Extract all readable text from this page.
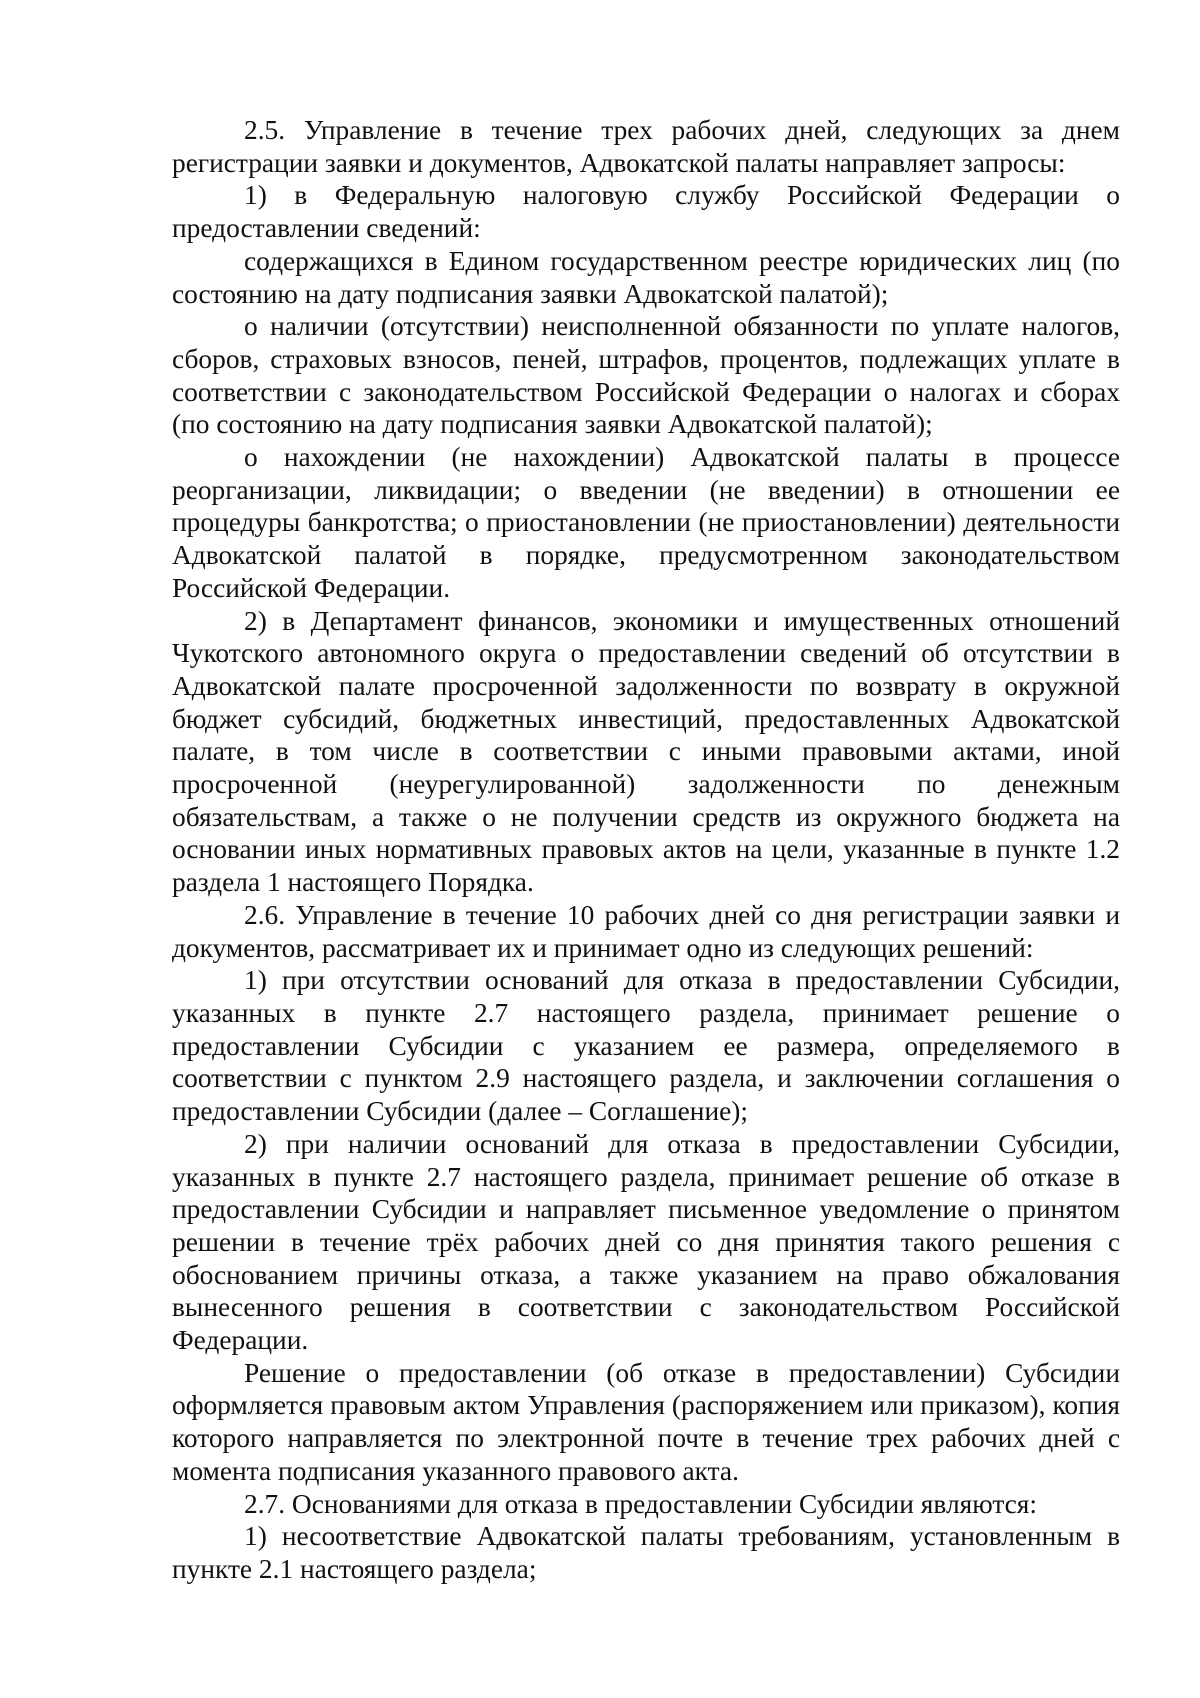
2.5. Управление в течение трех рабочих дней, следующих за днем регистрации заявки и документов, Адвокатской палаты направляет запросы:

1) в Федеральную налоговую службу Российской Федерации о предоставлении сведений:

содержащихся в Едином государственном реестре юридических лиц (по состоянию на дату подписания заявки Адвокатской палатой);

о наличии (отсутствии) неисполненной обязанности по уплате налогов, сборов, страховых взносов, пеней, штрафов, процентов, подлежащих уплате в соответствии с законодательством Российской Федерации о налогах и сборах (по состоянию на дату подписания заявки Адвокатской палатой);

о нахождении (не нахождении) Адвокатской палаты в процессе реорганизации, ликвидации; о введении (не введении) в отношении ее процедуры банкротства; о приостановлении (не приостановлении) деятельности Адвокатской палатой в порядке, предусмотренном законодательством Российской Федерации.

2) в Департамент финансов, экономики и имущественных отношений Чукотского автономного округа о предоставлении сведений об отсутствии в Адвокатской палате просроченной задолженности по возврату в окружной бюджет субсидий, бюджетных инвестиций, предоставленных Адвокатской палате, в том числе в соответствии с иными правовыми актами, иной просроченной (неурегулированной) задолженности по денежным обязательствам, а также о не получении средств из окружного бюджета на основании иных нормативных правовых актов на цели, указанные в пункте 1.2 раздела 1 настоящего Порядка.

2.6. Управление в течение 10 рабочих дней со дня регистрации заявки и документов, рассматривает их и принимает одно из следующих решений:

1) при отсутствии оснований для отказа в предоставлении Субсидии, указанных в пункте 2.7 настоящего раздела, принимает решение о предоставлении Субсидии с указанием ее размера, определяемого в соответствии с пунктом 2.9 настоящего раздела, и заключении соглашения о предоставлении Субсидии (далее – Соглашение);

2) при наличии оснований для отказа в предоставлении Субсидии, указанных в пункте 2.7 настоящего раздела, принимает решение об отказе в предоставлении Субсидии и направляет письменное уведомление о принятом решении в течение трёх рабочих дней со дня принятия такого решения с обоснованием причины отказа, а также указанием на право обжалования вынесенного решения в соответствии с законодательством Российской Федерации.

Решение о предоставлении (об отказе в предоставлении) Субсидии оформляется правовым актом Управления (распоряжением или приказом), копия которого направляется по электронной почте в течение трех рабочих дней с момента подписания указанного правового акта.

2.7. Основаниями для отказа в предоставлении Субсидии являются:

1) несоответствие Адвокатской палаты требованиям, установленным в пункте 2.1 настоящего раздела;
